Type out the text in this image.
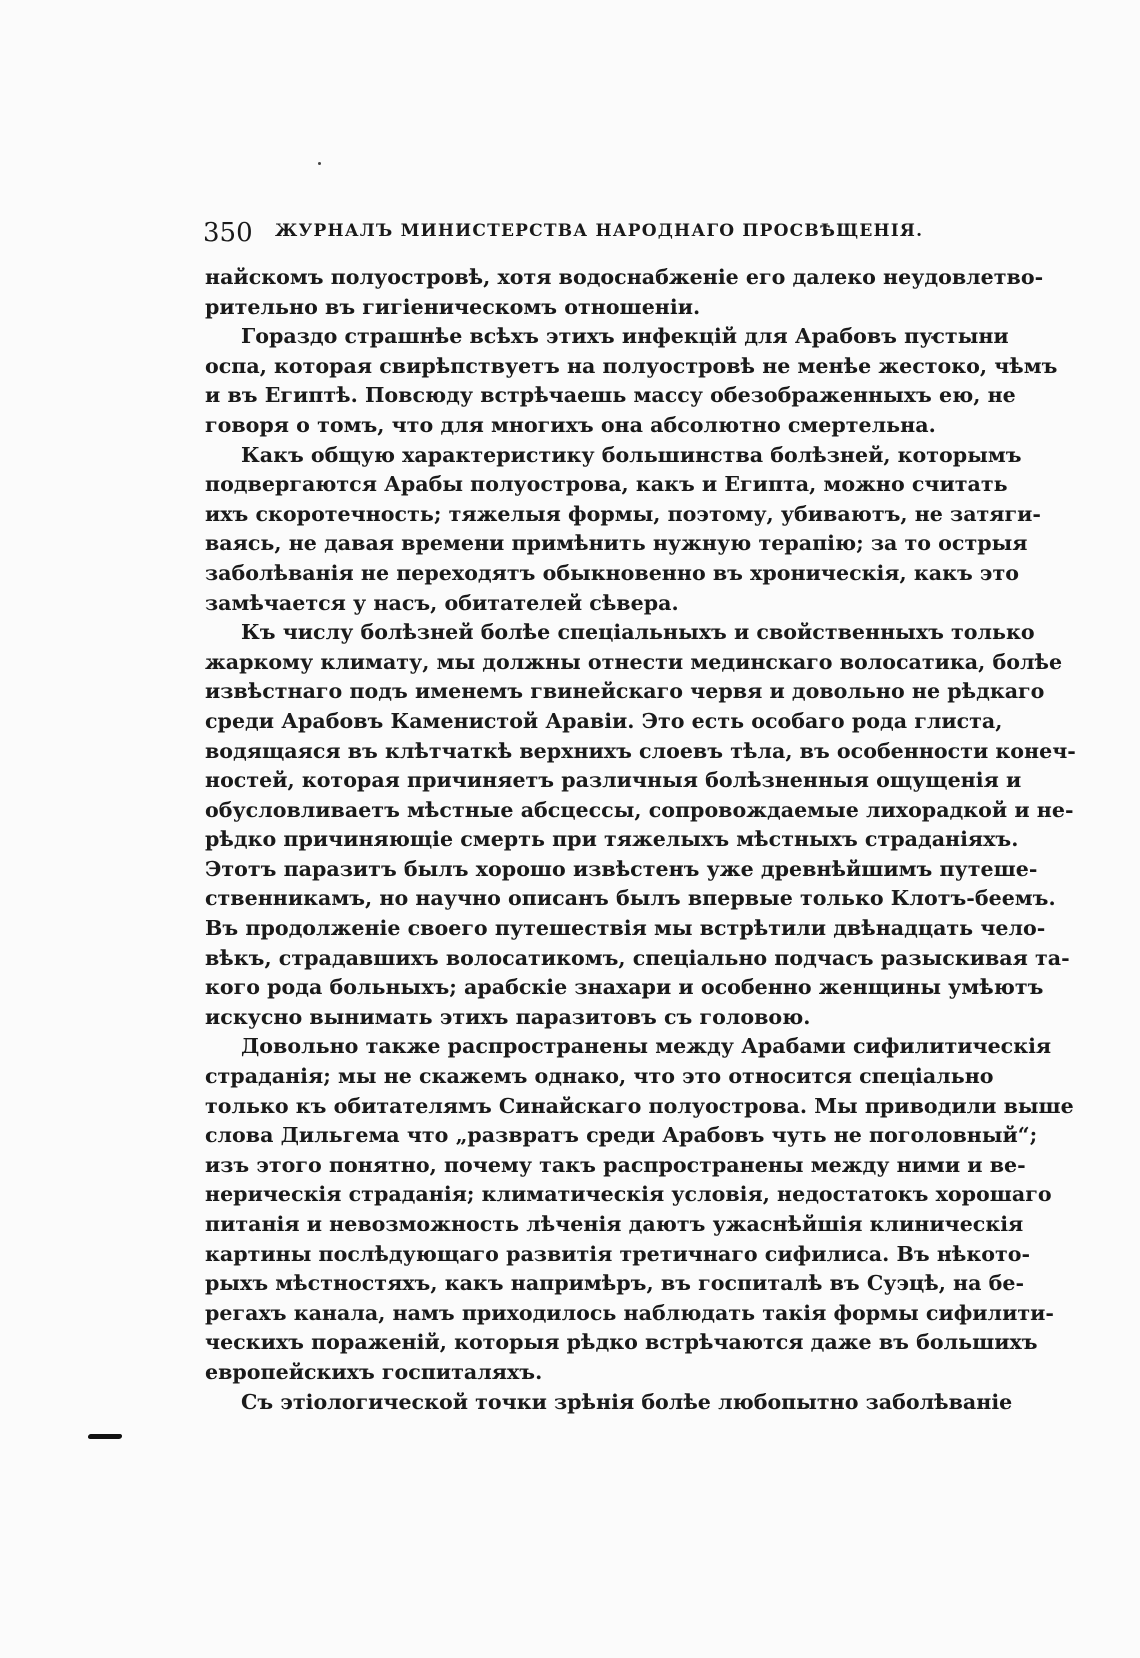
350 ЖУРНАЛЪ МИНИСТЕРСТВА НАРОДНАГО ПРОСВѢЩЕНІЯ.

найскомъ полуостровѣ, хотя водоснабженіе его далеко неудовлетво-
рительно въ гигіеническомъ отношеніи.

Гораздо страшнѣе всѣхъ этихъ инфекцій для Арабовъ пустыни
оспа, которая свирѣпствуетъ на полуостровѣ не менѣе жестоко, чѣмъ
и въ Египтѣ. Повсюду встрѣчаешь массу обезображенныхъ ею, не
говоря о томъ, что для многихъ она абсолютно смертельна.

Какъ общую характеристику большинства болѣзней, которымъ
подвергаются Арабы полуострова, какъ и Египта, можно считать
ихъ скоротечность; тяжелыя формы, поэтому, убиваютъ, не затяги-
ваясь, не давая времени примѣнить нужную терапію; за то острыя
заболѣванія не переходятъ обыкновенно въ хроническія, какъ это
замѣчается у насъ, обитателей сѣвера.

Къ числу болѣзней болѣе спеціальныхъ и свойственныхъ только
жаркому климату, мы должны отнести мединскаго волосатика, болѣе
извѣстнаго подъ именемъ гвинейскаго червя и довольно не рѣдкаго
среди Арабовъ Каменистой Аравіи. Это есть особаго рода глиста,
водящаяся въ клѣтчаткѣ верхнихъ слоевъ тѣла, въ особенности конеч-
ностей, которая причиняетъ различныя болѣзненныя ощущенія и
обусловливаетъ мѣстные абсцессы, сопровождаемые лихорадкой и не-
рѣдко причиняющіе смерть при тяжелыхъ мѣстныхъ страданіяхъ.
Этотъ паразитъ былъ хорошо извѣстенъ уже древнѣйшимъ путеше-
ственникамъ, но научно описанъ былъ впервые только Клотъ-беемъ.
Въ продолженіе своего путешествія мы встрѣтили двѣнадцать чело-
вѣкъ, страдавшихъ волосатикомъ, спеціально подчасъ разыскивая та-
кого рода больныхъ; арабскіе знахари и особенно женщины умѣютъ
искусно вынимать этихъ паразитовъ съ головою.

Довольно также распространены между Арабами сифилитическія
страданія; мы не скажемъ однако, что это относится спеціально
только къ обитателямъ Синайскаго полуострова. Мы приводили выше
слова Дильгема что „развратъ среди Арабовъ чуть не поголовный“;
изъ этого понятно, почему такъ распространены между ними и ве-
нерическія страданія; климатическія условія, недостатокъ хорошаго
питанія и невозможность лѣченія даютъ ужаснѣйшія клиническія
картины послѣдующаго развитія третичнаго сифилиса. Въ нѣкото-
рыхъ мѣстностяхъ, какъ напримѣръ, въ госпиталѣ въ Суэцѣ, на бе-
регахъ канала, намъ приходилось наблюдать такія формы сифилити-
ческихъ пораженій, которыя рѣдко встрѣчаются даже въ большихъ
европейскихъ госпиталяхъ.

Съ этіологической точки зрѣнія болѣе любопытно заболѣваніе
